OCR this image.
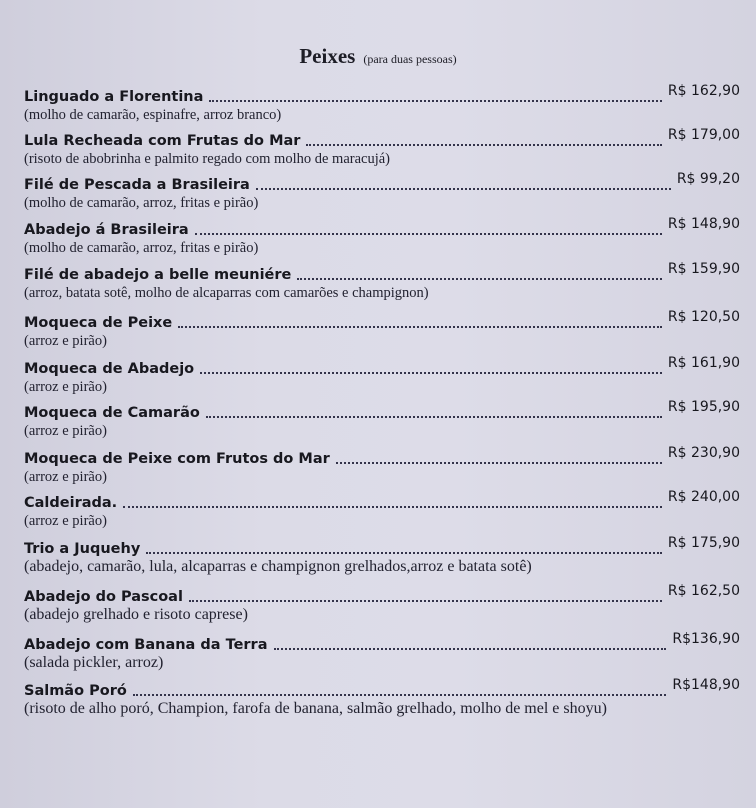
Peixes (para duas pessoas)
Linguado a Florentina	R$ 162,90
(molho de camarão, espinafre, arroz branco)
Lula Recheada com Frutas do Mar	R$ 179,00
(risoto de abobrinha e palmito regado com molho de maracujá)
Filé de Pescada a Brasileira	R$ 99,20
(molho de camarão, arroz, fritas e pirão)
Abadejo á Brasileira	R$ 148,90
(molho de camarão, arroz, fritas e pirão)
Filé de abadejo a belle meuniére	R$ 159,90
(arroz, batata sotê, molho de alcaparras com camarões e champignon)
Moqueca de Peixe	R$ 120,50
(arroz e pirão)
Moqueca de Abadejo	R$ 161,90
(arroz e pirão)
Moqueca de Camarão	R$ 195,90
(arroz e pirão)
Moqueca de Peixe com Frutos do Mar	R$ 230,90
(arroz e pirão)
Caldeirada.	R$ 240,00
(arroz e pirão)
Trio a Juquehy	R$ 175,90
(abadejo, camarão, lula, alcaparras e champignon grelhados,arroz e batata sotê)
Abadejo do Pascoal	R$ 162,50
(abadejo grelhado e risoto caprese)
Abadejo com Banana da Terra	R$136,90
(salada pickler, arroz)
Salmão Poró	R$148,90
(risoto de alho poró, Champion, farofa de banana, salmão grelhado, molho de mel e shoyu)
